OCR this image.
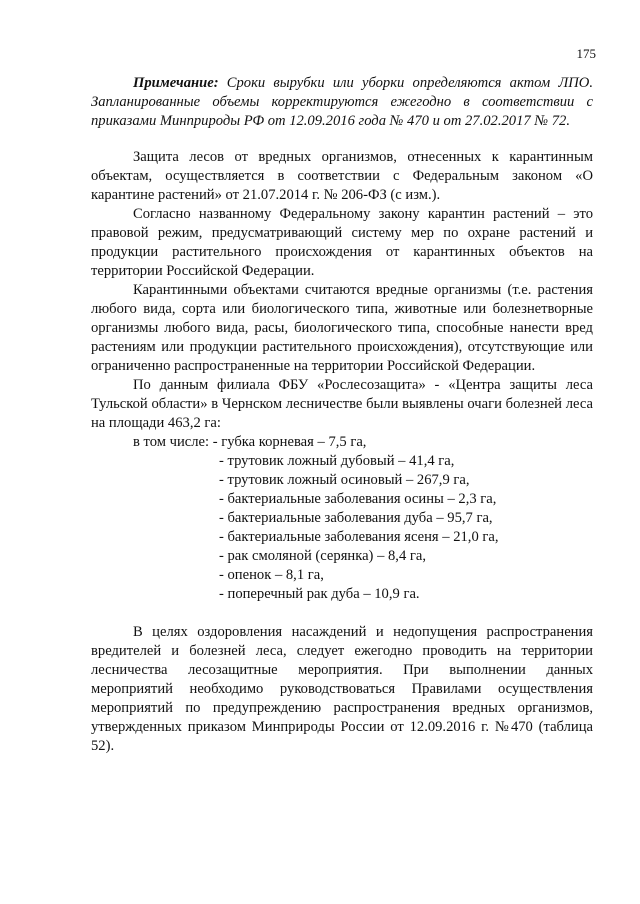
175

Примечание: Сроки вырубки или уборки определяются актом ЛПО. Запланированные объемы корректируются ежегодно в соответствии с приказами Минприроды РФ от 12.09.2016 года № 470 и от 27.02.2017 № 72.

Защита лесов от вредных организмов, отнесенных к карантинным объектам, осуществляется в соответствии с Федеральным законом «О карантине растений» от 21.07.2014 г. № 206-ФЗ (с изм.).

Согласно названному Федеральному закону карантин растений – это правовой режим, предусматривающий систему мер по охране растений и продукции растительного происхождения от карантинных объектов на территории Российской Федерации.

Карантинными объектами считаются вредные организмы (т.е. растения любого вида, сорта или биологического типа, животные или болезнетворные организмы любого вида, расы, биологического типа, способные нанести вред растениям или продукции растительного происхождения), отсутствующие или ограниченно распространенные на территории Российской Федерации.

По данным филиала ФБУ «Рослесозащита» - «Центра защиты леса Тульской области» в Чернском лесничестве были выявлены очаги болезней леса на площади 463,2 га:

в том числе: - губка корневая – 7,5 га,

- трутовик ложный дубовый – 41,4 га,
- трутовик ложный осиновый – 267,9 га,
- бактериальные заболевания осины – 2,3 га,
- бактериальные заболевания дуба – 95,7 га,
- бактериальные заболевания ясеня – 21,0 га,
- рак смоляной (серянка) – 8,4 га,
- опенок – 8,1 га,
- поперечный рак дуба – 10,9 га.

В целях оздоровления насаждений и недопущения распространения вредителей и болезней леса, следует ежегодно проводить на территории лесничества лесозащитные мероприятия. При выполнении данных мероприятий необходимо руководствоваться Правилами осуществления мероприятий по предупреждению распространения вредных организмов, утвержденных приказом Минприроды России от 12.09.2016 г. №470 (таблица 52).
